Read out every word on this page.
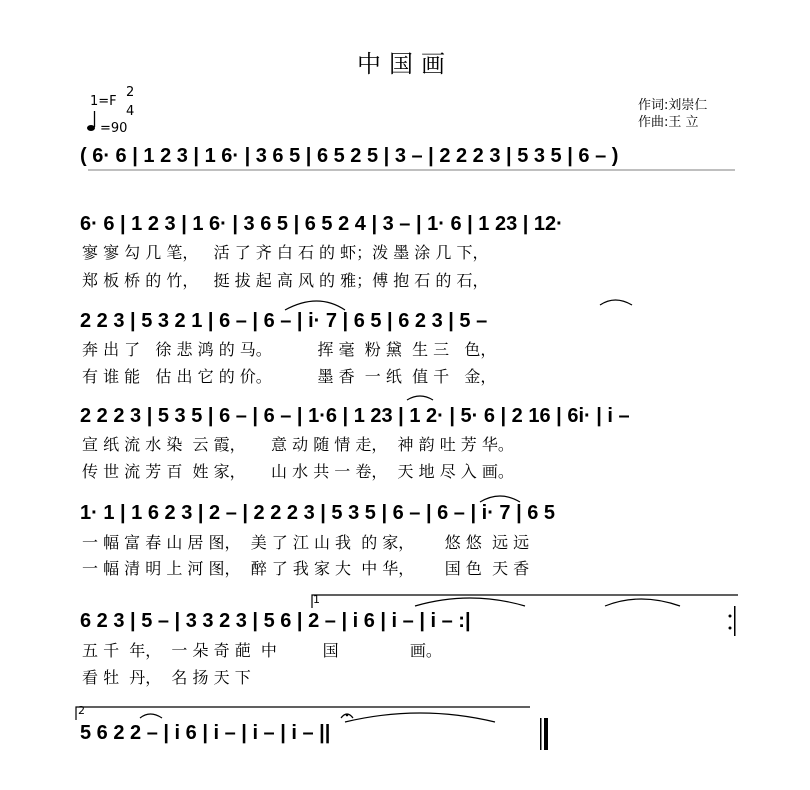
中国画
1=F
2
4
=90
作词:刘崇仁
作曲:王 立
( 6· 6 | 1 2 3 | 1 6· | 3 6 5 | 6 5 2 5 | 3 – | 2 2 2 3 | 5 3 5 | 6 – )
6· 6 | 1 2 3 | 1 6· | 3 6 5 | 6 5 2 4 | 3 – | 1· 6 | 1 23 | 12·
寥 寥 勾 几 笔，   活 了 齐 白 石 的 虾；泼 墨 涂 几 下，
郑 板 桥 的 竹，   挺 拔 起 高 风 的 雅；傅 抱 石 的 石，
2 2 3 | 5 3 2 1 | 6 – | 6 – | i· 7 | 6 5 | 6 2 3 | 5 –
奔 出 了   徐 悲 鸿 的 马。         挥 毫  粉 黛  生 三   色，
有 谁 能   估 出 它 的 价。         墨 香  一 纸  值 千   金，
2 2 2 3 | 5 3 5 | 6 – | 6 – | 1·6 | 1 23 | 1 2· | 5· 6 | 2 16 | 6i· | i –
宣 纸 流 水 染  云 霞，     意 动 随 情 走，  神 韵 吐 芳 华。
传 世 流 芳 百  姓 家，     山 水 共 一 卷，  天 地 尽 入 画。
1· 1 | 1 6 2 3 | 2 – | 2 2 2 3 | 5 3 5 | 6 – | 6 – | i· 7 | 6 5
一 幅 富 春 山 居 图，  美 了 江 山 我  的 家，      悠 悠  远 远
一 幅 清 明 上 河 图，  醉 了 我 家 大  中 华，      国 色  天 香
1
6 2 3 | 5 – | 3 3 2 3 | 5 6 | 2 – | i 6 | i – | i – :|
五 千  年，  一 朵 奇 葩  中         国              画。
看 牡  丹，  名 扬 天 下
2
5 6 2 2 – | i 6 | i – | i – | i – ||
